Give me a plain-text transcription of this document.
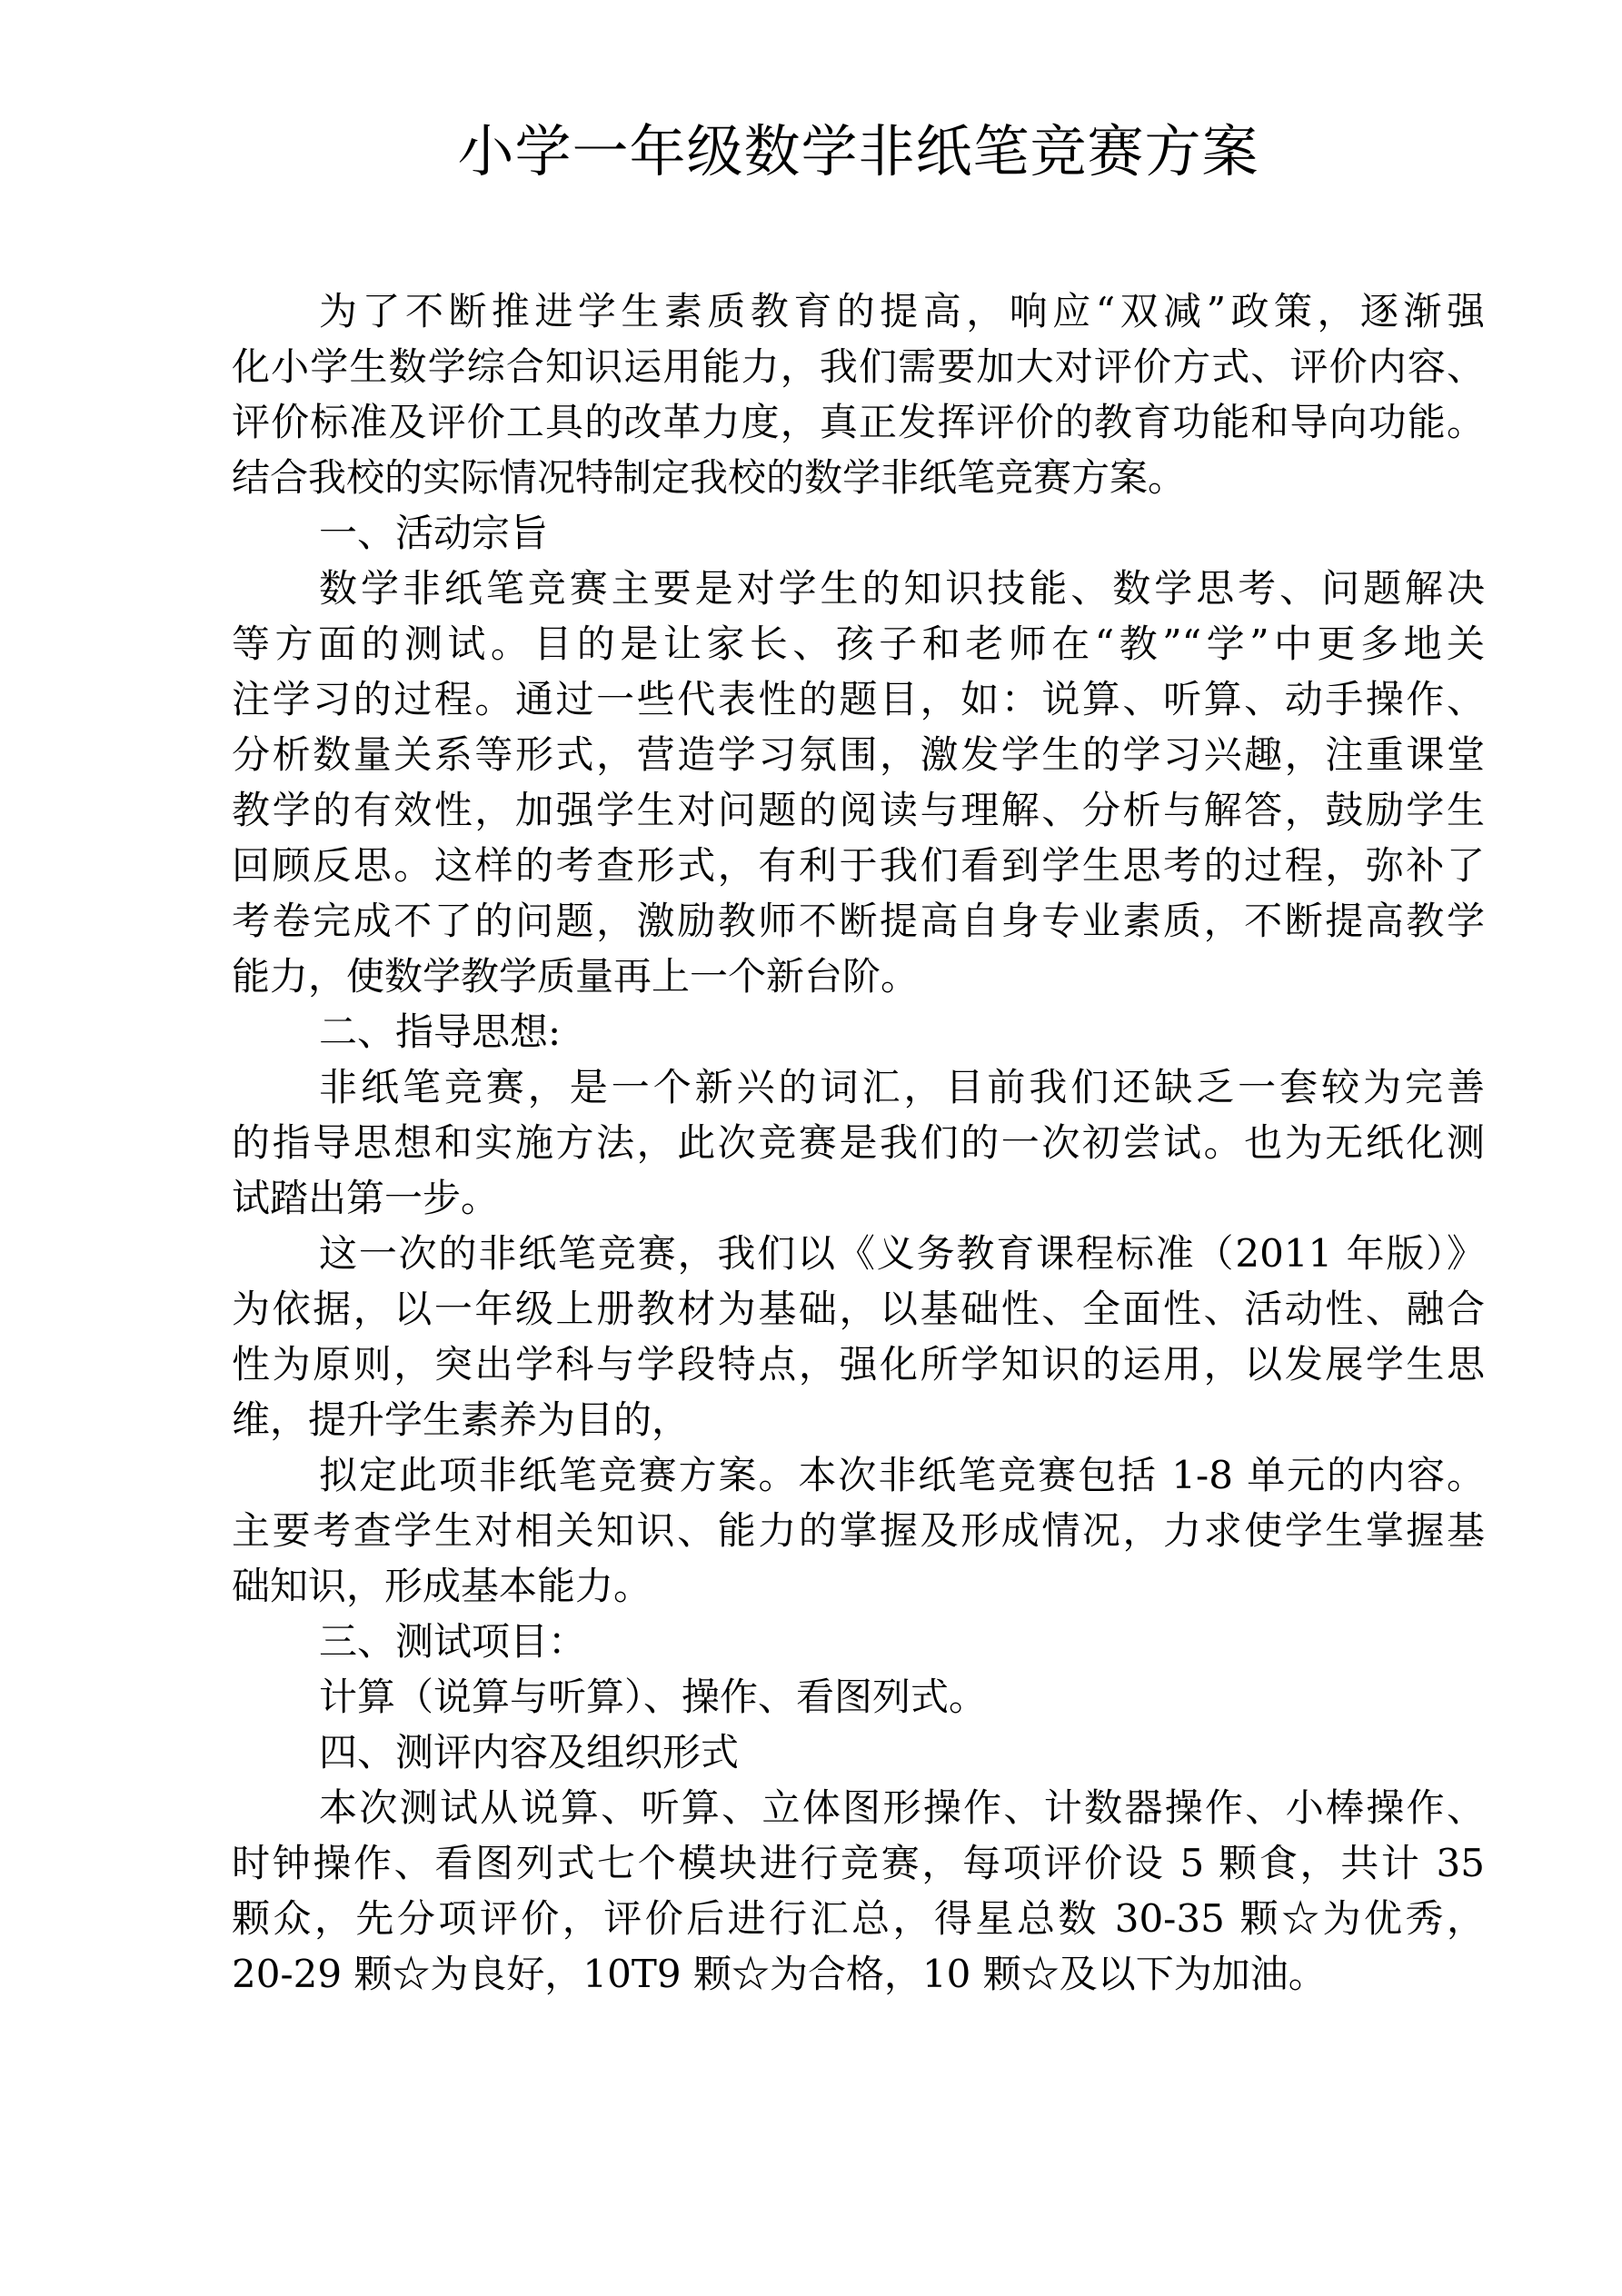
小学一年级数学非纸笔竞赛方案
为了不断推进学生素质教育的提高，响应“双减”政策，逐渐强
化小学生数学综合知识运用能力，我们需要加大对评价方式、评价内容、
评价标准及评价工具的改革力度，真正发挥评价的教育功能和导向功能。
结合我校的实际情况特制定我校的数学非纸笔竞赛方案。
一、活动宗旨
数学非纸笔竞赛主要是对学生的知识技能、数学思考、问题解决
等方面的测试。目的是让家长、孩子和老师在“教”“学”中更多地关
注学习的过程。通过一些代表性的题目，如：说算、听算、动手操作、
分析数量关系等形式，营造学习氛围，激发学生的学习兴趣，注重课堂
教学的有效性，加强学生对问题的阅读与理解、分析与解答，鼓励学生
回顾反思。这样的考查形式，有利于我们看到学生思考的过程，弥补了
考卷完成不了的问题，激励教师不断提高自身专业素质，不断提高教学
能力，使数学教学质量再上一个新台阶。
二、指导思想:
非纸笔竞赛，是一个新兴的词汇，目前我们还缺乏一套较为完善
的指导思想和实施方法，此次竞赛是我们的一次初尝试。也为无纸化测
试踏出第一步。
这一次的非纸笔竞赛，我们以《义务教育课程标准（2011 年版）》
为依据，以一年级上册教材为基础，以基础性、全面性、活动性、融合
性为原则，突出学科与学段特点，强化所学知识的运用，以发展学生思
维，提升学生素养为目的，
拟定此项非纸笔竞赛方案。本次非纸笔竞赛包括 1-8 单元的内容。
主要考查学生对相关知识、能力的掌握及形成情况，力求使学生掌握基
础知识，形成基本能力。
三、测试项目：
计算（说算与听算）、操作、看图列式。
四、测评内容及组织形式
本次测试从说算、听算、立体图形操作、计数器操作、小棒操作、
时钟操作、看图列式七个模块进行竞赛，每项评价设 5 颗食，共计 35
颗众，先分项评价，评价后进行汇总，得星总数 30-35 颗☆为优秀，
20-29 颗☆为良好，10T9 颗☆为合格，10 颗☆及以下为加油。
